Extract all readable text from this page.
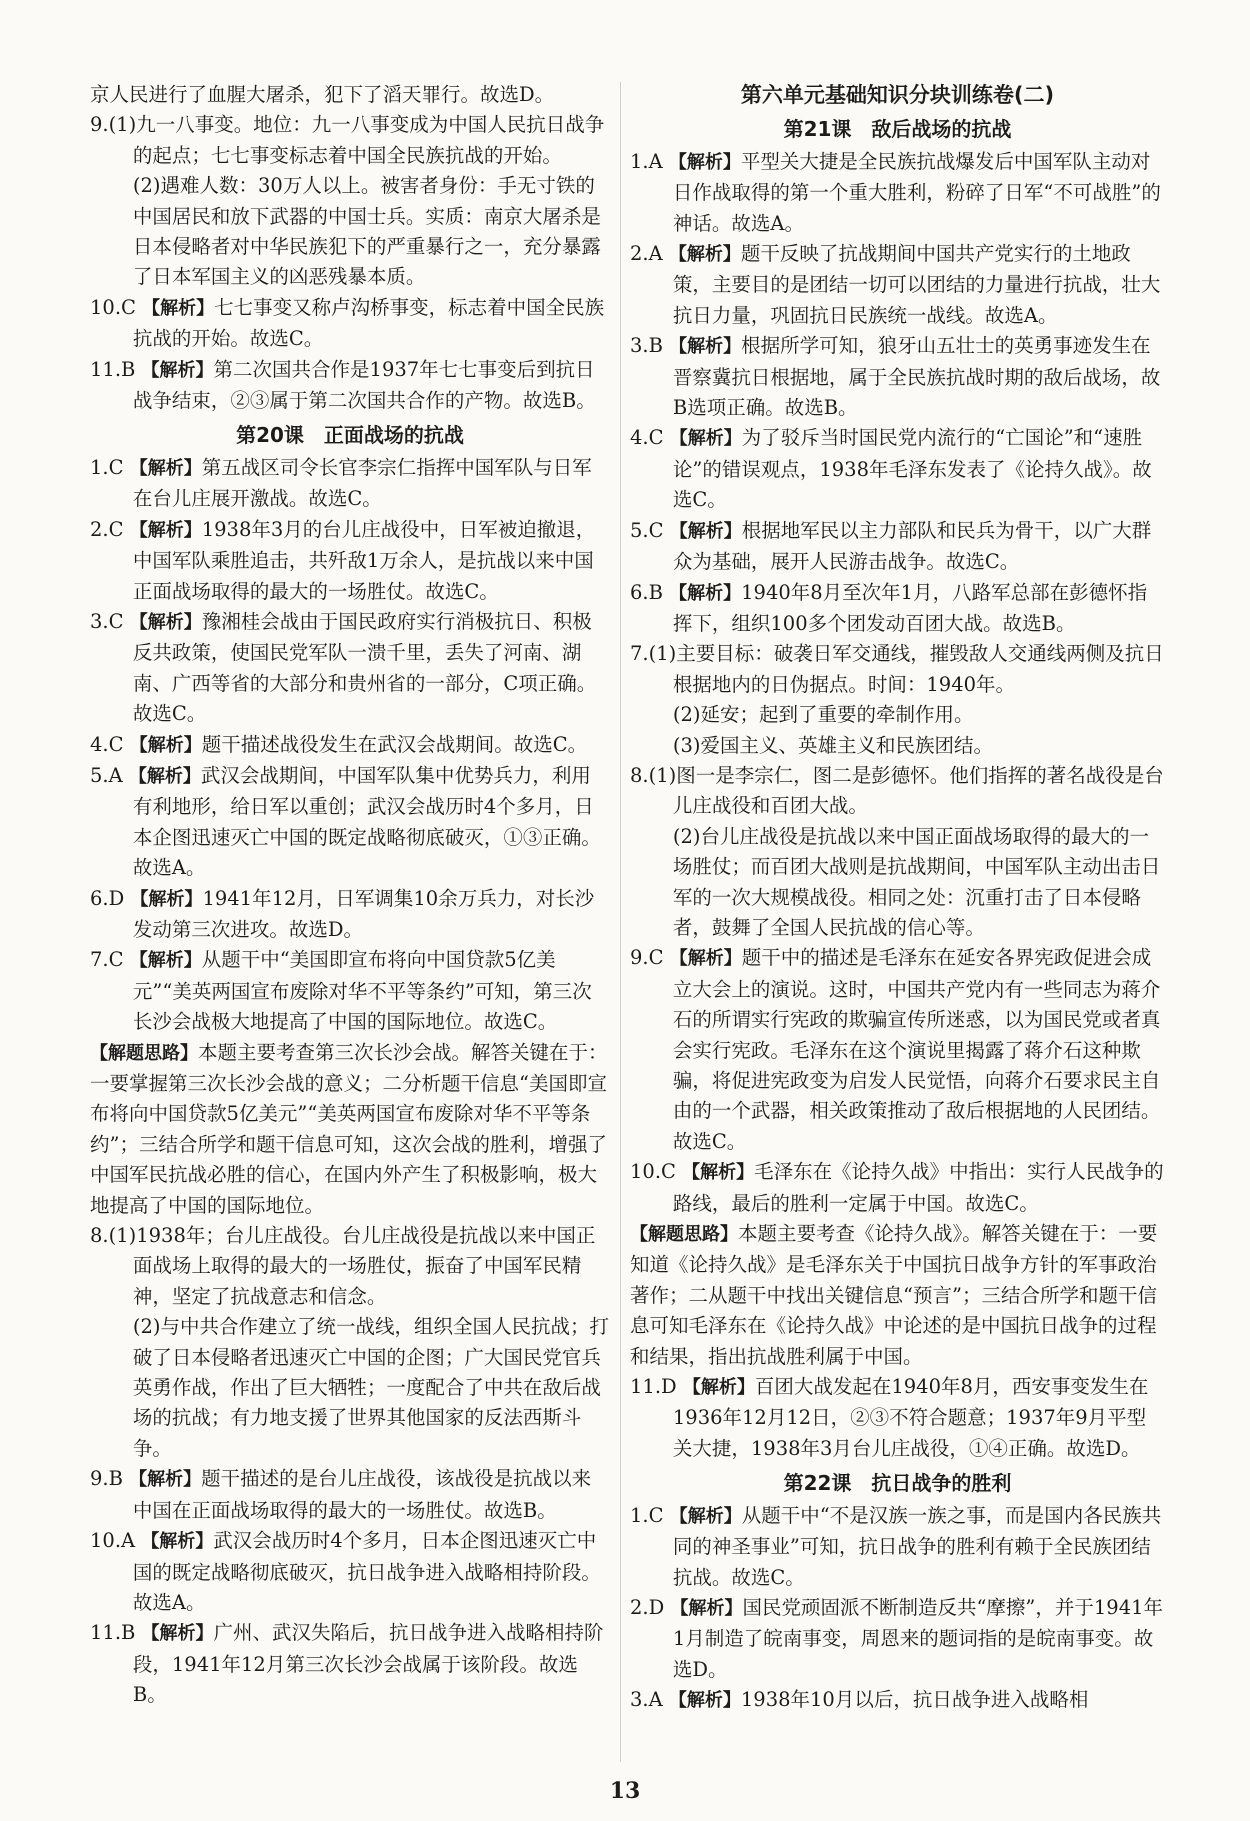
京人民进行了血腥大屠杀，犯下了滔天罪行。故选D。
9.(1)九一八事变。地位：九一八事变成为中国人民抗日战争的起点；七七事变标志着中国全民族抗战的开始。
(2)遇难人数：30万人以上。被害者身份：手无寸铁的中国居民和放下武器的中国士兵。实质：南京大屠杀是日本侵略者对中华民族犯下的严重暴行之一，充分暴露了日本军国主义的凶恶残暴本质。
10.C 【解析】七七事变又称卢沟桥事变，标志着中国全民族抗战的开始。故选C。
11.B 【解析】第二次国共合作是1937年七七事变后到抗日战争结束，②③属于第二次国共合作的产物。故选B。
第20课　正面战场的抗战
1.C 【解析】第五战区司令长官李宗仁指挥中国军队与日军在台儿庄展开激战。故选C。
2.C 【解析】1938年3月的台儿庄战役中，日军被迫撤退，中国军队乘胜追击，共歼敌1万余人，是抗战以来中国正面战场取得的最大的一场胜仗。故选C。
3.C 【解析】豫湘桂会战由于国民政府实行消极抗日、积极反共政策，使国民党军队一溃千里，丢失了河南、湖南、广西等省的大部分和贵州省的一部分，C项正确。故选C。
4.C 【解析】题干描述战役发生在武汉会战期间。故选C。
5.A 【解析】武汉会战期间，中国军队集中优势兵力，利用有利地形，给日军以重创；武汉会战历时4个多月，日本企图迅速灭亡中国的既定战略彻底破灭，①③正确。故选A。
6.D 【解析】1941年12月，日军调集10余万兵力，对长沙发动第三次进攻。故选D。
7.C 【解析】从题干中“美国即宣布将向中国贷款5亿美元”“美英两国宣布废除对华不平等条约”可知，第三次长沙会战极大地提高了中国的国际地位。故选C。
【解题思路】本题主要考查第三次长沙会战。解答关键在于：一要掌握第三次长沙会战的意义；二分析题干信息“美国即宣布将向中国贷款5亿美元”“美英两国宣布废除对华不平等条约”；三结合所学和题干信息可知，这次会战的胜利，增强了中国军民抗战必胜的信心，在国内外产生了积极影响，极大地提高了中国的国际地位。
8.(1)1938年；台儿庄战役。台儿庄战役是抗战以来中国正面战场上取得的最大的一场胜仗，振奋了中国军民精神，坚定了抗战意志和信念。
(2)与中共合作建立了统一战线，组织全国人民抗战；打破了日本侵略者迅速灭亡中国的企图；广大国民党官兵英勇作战，作出了巨大牺牲；一度配合了中共在敌后战场的抗战；有力地支援了世界其他国家的反法西斯斗争。
9.B 【解析】题干描述的是台儿庄战役，该战役是抗战以来中国在正面战场取得的最大的一场胜仗。故选B。
10.A 【解析】武汉会战历时4个多月，日本企图迅速灭亡中国的既定战略彻底破灭，抗日战争进入战略相持阶段。故选A。
11.B 【解析】广州、武汉失陷后，抗日战争进入战略相持阶段，1941年12月第三次长沙会战属于该阶段。故选B。
第六单元基础知识分块训练卷(二)
第21课　敌后战场的抗战
1.A 【解析】平型关大捷是全民族抗战爆发后中国军队主动对日作战取得的第一个重大胜利，粉碎了日军“不可战胜”的神话。故选A。
2.A 【解析】题干反映了抗战期间中国共产党实行的土地政策，主要目的是团结一切可以团结的力量进行抗战，壮大抗日力量，巩固抗日民族统一战线。故选A。
3.B 【解析】根据所学可知，狼牙山五壮士的英勇事迹发生在晋察冀抗日根据地，属于全民族抗战时期的敌后战场，故B选项正确。故选B。
4.C 【解析】为了驳斥当时国民党内流行的“亡国论”和“速胜论”的错误观点，1938年毛泽东发表了《论持久战》。故选C。
5.C 【解析】根据地军民以主力部队和民兵为骨干，以广大群众为基础，展开人民游击战争。故选C。
6.B 【解析】1940年8月至次年1月，八路军总部在彭德怀指挥下，组织100多个团发动百团大战。故选B。
7.(1)主要目标：破袭日军交通线，摧毁敌人交通线两侧及抗日根据地内的日伪据点。时间：1940年。
(2)延安；起到了重要的牵制作用。
(3)爱国主义、英雄主义和民族团结。
8.(1)图一是李宗仁，图二是彭德怀。他们指挥的著名战役是台儿庄战役和百团大战。
(2)台儿庄战役是抗战以来中国正面战场取得的最大的一场胜仗；而百团大战则是抗战期间，中国军队主动出击日军的一次大规模战役。相同之处：沉重打击了日本侵略者，鼓舞了全国人民抗战的信心等。
9.C 【解析】题干中的描述是毛泽东在延安各界宪政促进会成立大会上的演说。这时，中国共产党内有一些同志为蒋介石的所谓实行宪政的欺骗宣传所迷惑，以为国民党或者真会实行宪政。毛泽东在这个演说里揭露了蒋介石这种欺骗，将促进宪政变为启发人民觉悟，向蒋介石要求民主自由的一个武器，相关政策推动了敌后根据地的人民团结。故选C。
10.C 【解析】毛泽东在《论持久战》中指出：实行人民战争的路线，最后的胜利一定属于中国。故选C。
【解题思路】本题主要考查《论持久战》。解答关键在于：一要知道《论持久战》是毛泽东关于中国抗日战争方针的军事政治著作；二从题干中找出关键信息“预言”；三结合所学和题干信息可知毛泽东在《论持久战》中论述的是中国抗日战争的过程和结果，指出抗战胜利属于中国。
11.D 【解析】百团大战发起在1940年8月，西安事变发生在1936年12月12日，②③不符合题意；1937年9月平型关大捷，1938年3月台儿庄战役，①④正确。故选D。
第22课　抗日战争的胜利
1.C 【解析】从题干中“不是汉族一族之事，而是国内各民族共同的神圣事业”可知，抗日战争的胜利有赖于全民族团结抗战。故选C。
2.D 【解析】国民党顽固派不断制造反共“摩擦”，并于1941年1月制造了皖南事变，周恩来的题词指的是皖南事变。故选D。
3.A 【解析】1938年10月以后，抗日战争进入战略相
13
